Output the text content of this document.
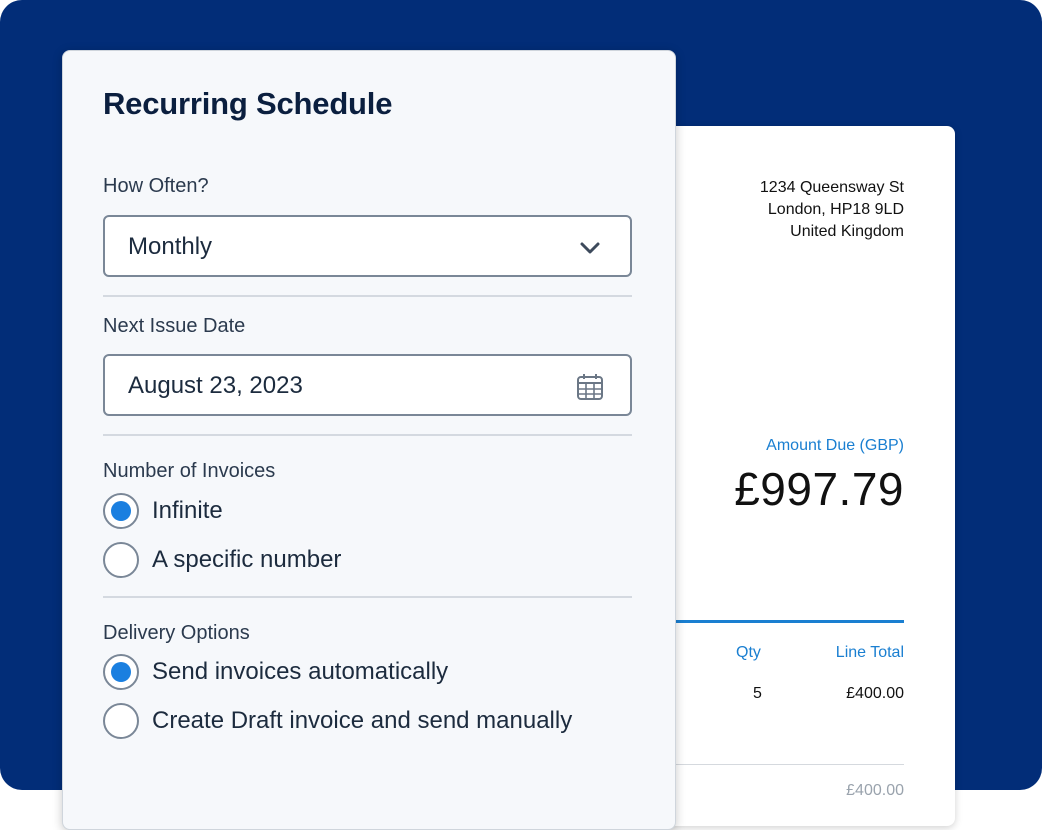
1234 Queensway St
London, HP18 9LD
United Kingdom
Amount Due (GBP)
£997.79
Qty	Line Total
5	£400.00
£400.00
Recurring Schedule
How Often?
Monthly
Next Issue Date
August 23, 2023
Number of Invoices
Infinite
A specific number
Delivery Options
Send invoices automatically
Create Draft invoice and send manually
